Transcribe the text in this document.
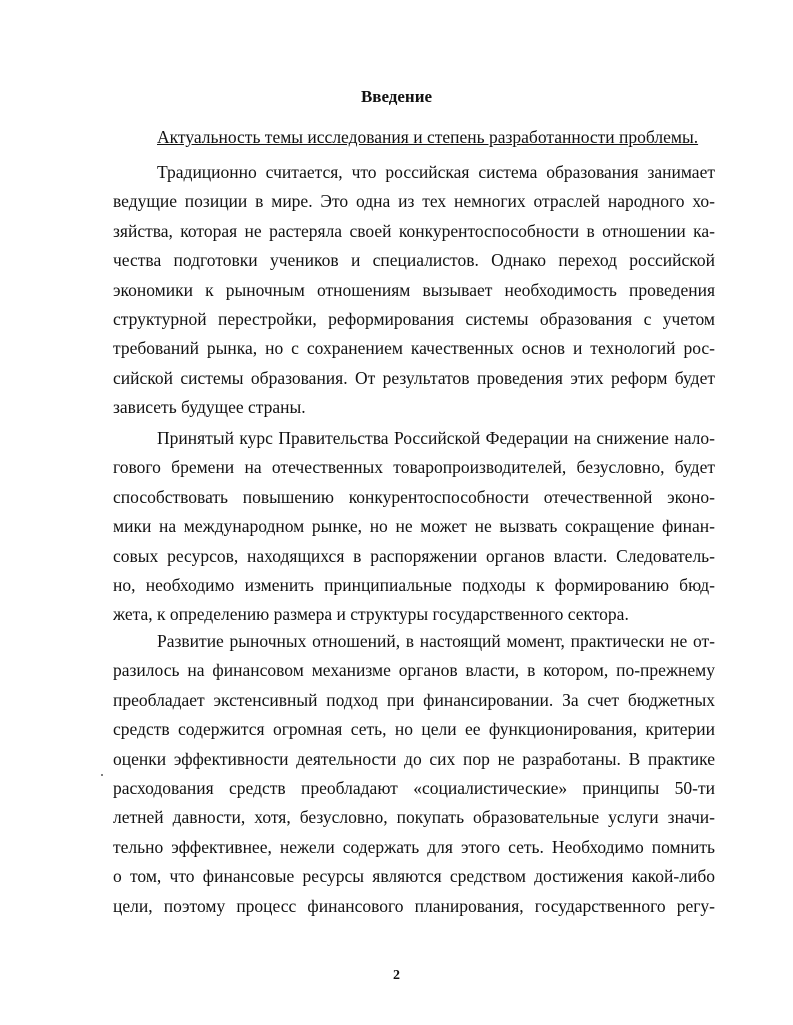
Введение
Актуальность темы исследования и степень разработанности проблемы.
Традиционно считается, что российская система образования занимает
ведущие позиции в мире. Это одна из тех немногих отраслей народного хо-
зяйства, которая не растеряла своей конкурентоспособности в отношении ка-
чества подготовки учеников и специалистов. Однако переход российской
экономики к рыночным отношениям вызывает необходимость проведения
структурной перестройки, реформирования системы образования с учетом
требований рынка, но с сохранением качественных основ и технологий рос-
сийской системы образования. От результатов проведения этих реформ будет
зависеть будущее страны.
Принятый курс Правительства Российской Федерации на снижение нало-
гового бремени на отечественных товаропроизводителей, безусловно, будет
способствовать повышению конкурентоспособности отечественной эконо-
мики на международном рынке, но не может не вызвать сокращение финан-
совых ресурсов, находящихся в распоряжении органов власти. Следователь-
но, необходимо изменить принципиальные подходы к формированию бюд-
жета, к определению размера и структуры государственного сектора.
Развитие рыночных отношений, в настоящий момент, практически не от-
разилось на финансовом механизме органов власти, в котором, по-прежнему
преобладает экстенсивный подход при финансировании. За счет бюджетных
средств содержится огромная сеть, но цели ее функционирования, критерии
оценки эффективности деятельности до сих пор не разработаны. В практике
расходования средств преобладают «социалистические» принципы 50-ти
летней давности, хотя, безусловно, покупать образовательные услуги значи-
тельно эффективнее, нежели содержать для этого сеть. Необходимо помнить
о том, что финансовые ресурсы являются средством достижения какой-либо
цели, поэтому процесс финансового планирования, государственного регу-
2
